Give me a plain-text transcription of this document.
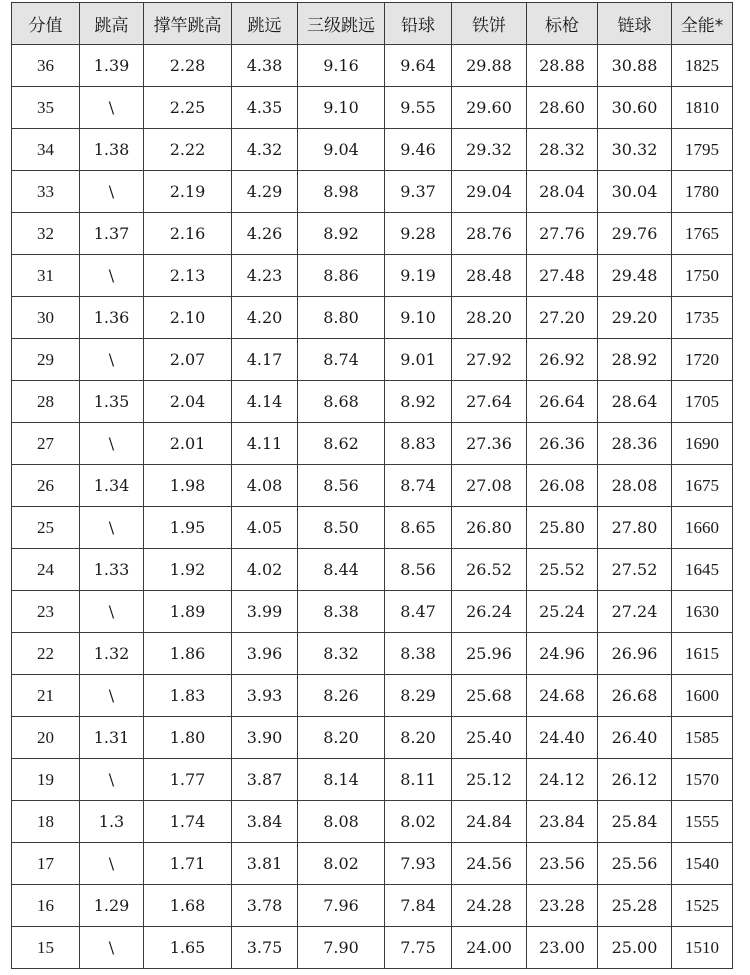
分值	跳高	撑竿跳高	跳远	三级跳远	铅球	铁饼	标枪	链球	全能*
36	1.39	2.28	4.38	9.16	9.64	29.88	28.88	30.88	1825
35	\	2.25	4.35	9.10	9.55	29.60	28.60	30.60	1810
34	1.38	2.22	4.32	9.04	9.46	29.32	28.32	30.32	1795
33	\	2.19	4.29	8.98	9.37	29.04	28.04	30.04	1780
32	1.37	2.16	4.26	8.92	9.28	28.76	27.76	29.76	1765
31	\	2.13	4.23	8.86	9.19	28.48	27.48	29.48	1750
30	1.36	2.10	4.20	8.80	9.10	28.20	27.20	29.20	1735
29	\	2.07	4.17	8.74	9.01	27.92	26.92	28.92	1720
28	1.35	2.04	4.14	8.68	8.92	27.64	26.64	28.64	1705
27	\	2.01	4.11	8.62	8.83	27.36	26.36	28.36	1690
26	1.34	1.98	4.08	8.56	8.74	27.08	26.08	28.08	1675
25	\	1.95	4.05	8.50	8.65	26.80	25.80	27.80	1660
24	1.33	1.92	4.02	8.44	8.56	26.52	25.52	27.52	1645
23	\	1.89	3.99	8.38	8.47	26.24	25.24	27.24	1630
22	1.32	1.86	3.96	8.32	8.38	25.96	24.96	26.96	1615
21	\	1.83	3.93	8.26	8.29	25.68	24.68	26.68	1600
20	1.31	1.80	3.90	8.20	8.20	25.40	24.40	26.40	1585
19	\	1.77	3.87	8.14	8.11	25.12	24.12	26.12	1570
18	1.3	1.74	3.84	8.08	8.02	24.84	23.84	25.84	1555
17	\	1.71	3.81	8.02	7.93	24.56	23.56	25.56	1540
16	1.29	1.68	3.78	7.96	7.84	24.28	23.28	25.28	1525
15	\	1.65	3.75	7.90	7.75	24.00	23.00	25.00	1510
